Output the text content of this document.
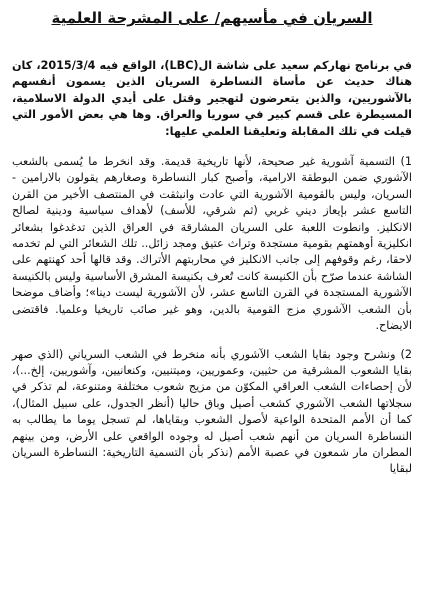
السريان في مأسيهم/ على المشرحة العلمية
في برنامج نهاركم سعيد على شاشة ال(LBC)، الواقع فيه 2015/3/4، كان هناك حديث عن مأساة النساطرة السريان الذين يسمون أنفسهم بالآشوريين، والذين يتعرضون لتهجير وقتل على أيدي الدولة الاسلامية، المسيطرة على قسم كبير في سوريا والعراق. وها هي بعض الأمور التي قيلت في تلك المقابلة وتعليقنا العلمي عليها:
1) التسمية آشورية غير صحيحة، لأنها تاريخية قديمة. وقد انخرط ما يُسمى بالشعب الآشوري ضمن البوطقة الارامية، وأصبح كبار النساطرة وصغارهم يقولون بالارامين - السريان، وليس بالقومية الآشورية التي عادت وانبثقت في المنتصف الأخير من القرن التاسع عشر بإيعاز ديني غربي (ثم شرقي، للأسف) لأهداف سياسية ودينية لصالح الانكليز. وانطوت اللعبة على السريان المشارقة في العراق الذين تدغدغوا بشعائر انكليزية أوهمتهم بقومية مستجدة وتراث عتيق ومجد زائل.. تلك الشعائر التي لم تخدمه لاحقا، رغم وقوفهم إلى جانب الانكليز في محاربتهم الأتراك. وقد قالها أحد كهنتهم على الشاشة عندما صرّح بأن الكنيسة كانت تُعرف بكنيسة المشرق الأساسية وليس بالكنيسة الآشورية المستجدة في القرن التاسع عشر، لأن الآشورية ليست دينا»؛ وأضاف موضحا بأن الشعب الآشوري مزج القومية بالدين، وهو غير صائب تاريخيا وعلميا. فاقتضى الايضاح.
2) ونشرح وجود بقايا الشعب الآشوري بأنه منخرط في الشعب السرياني (الذي صهر بقايا الشعوب المشرقية من حثيين، وعموريين، وميتنيين، وكنعانيين، وآشوريين، إلخ...)، لأن إحصاءات الشعب العراقي المكوّن من مزيج شعوب مختلفة ومتنوعة، لم تذكر في سجلاتها الشعب الآشوري كشعب أصيل وباق حاليا (أنظر الجدول، على سبيل المثال)، كما أن الأمم المتحدة الواعية لأصول الشعوب وبقاياها، لم تسجل يوما ما يطالب به النساطرة السريان من أنهم شعب أصيل له وجوده الواقعي على الأرض، ومن بينهم المطران مار شمعون في عصبة الأمم (نذكر بأن التسمية التاريخية: النساطرة السريان لبقايا
